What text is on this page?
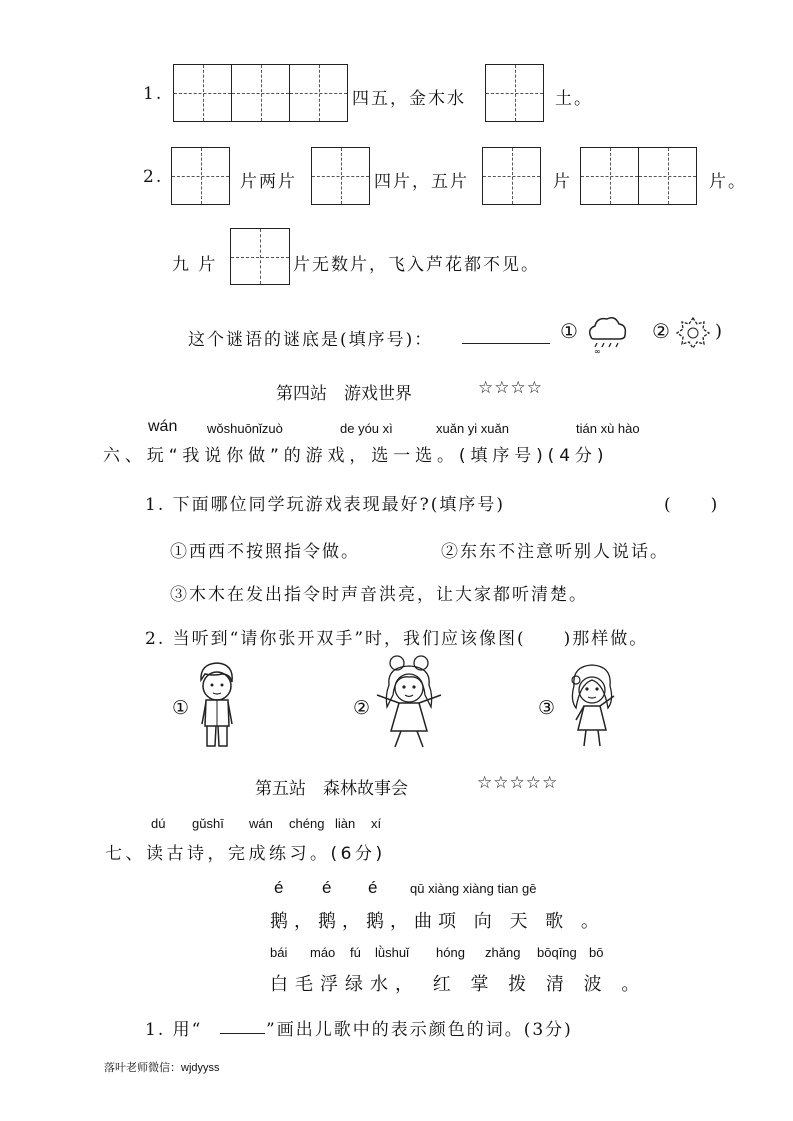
1.	四五，金木水	土。
2.	片两片	四片，五片	片	片。
九 片	片无数片，飞入芦花都不见。
这个谜语的谜底是(填序号)：	①
∞
②	)
第四站　游戏世界	☆☆☆☆
wán wǒshuōnǐzuò	de yóu xì	xuǎn yi xuǎn	tián xù hào
六、玩“我说你做”的游戏，选一选。(填序号)(4分)
1. 下面哪位同学玩游戏表现最好?(填序号)	(　　)
①西西不按照指令做。	②东东不注意听别人说话。
③木木在发出指令时声音洪亮，让大家都听清楚。
2. 当听到“请你张开双手”时，我们应该像图(　　)那样做。
①	②	③
第五站　森林故事会	☆☆☆☆☆
dú gǔshī wán chéng liàn xí
七、读古诗，完成练习。(6分)
é é é	qū xiàng xiàng tian gē
鹅，鹅，鹅，曲项 向 天 歌 。
bái máo fú lǜshuǐ hóng zhǎng bōqīng bō
白毛浮绿水， 红 掌 拨 清 波 。
1. 用“	”画出儿歌中的表示颜色的词。(3分)
落叶老师微信：wjdyyss
